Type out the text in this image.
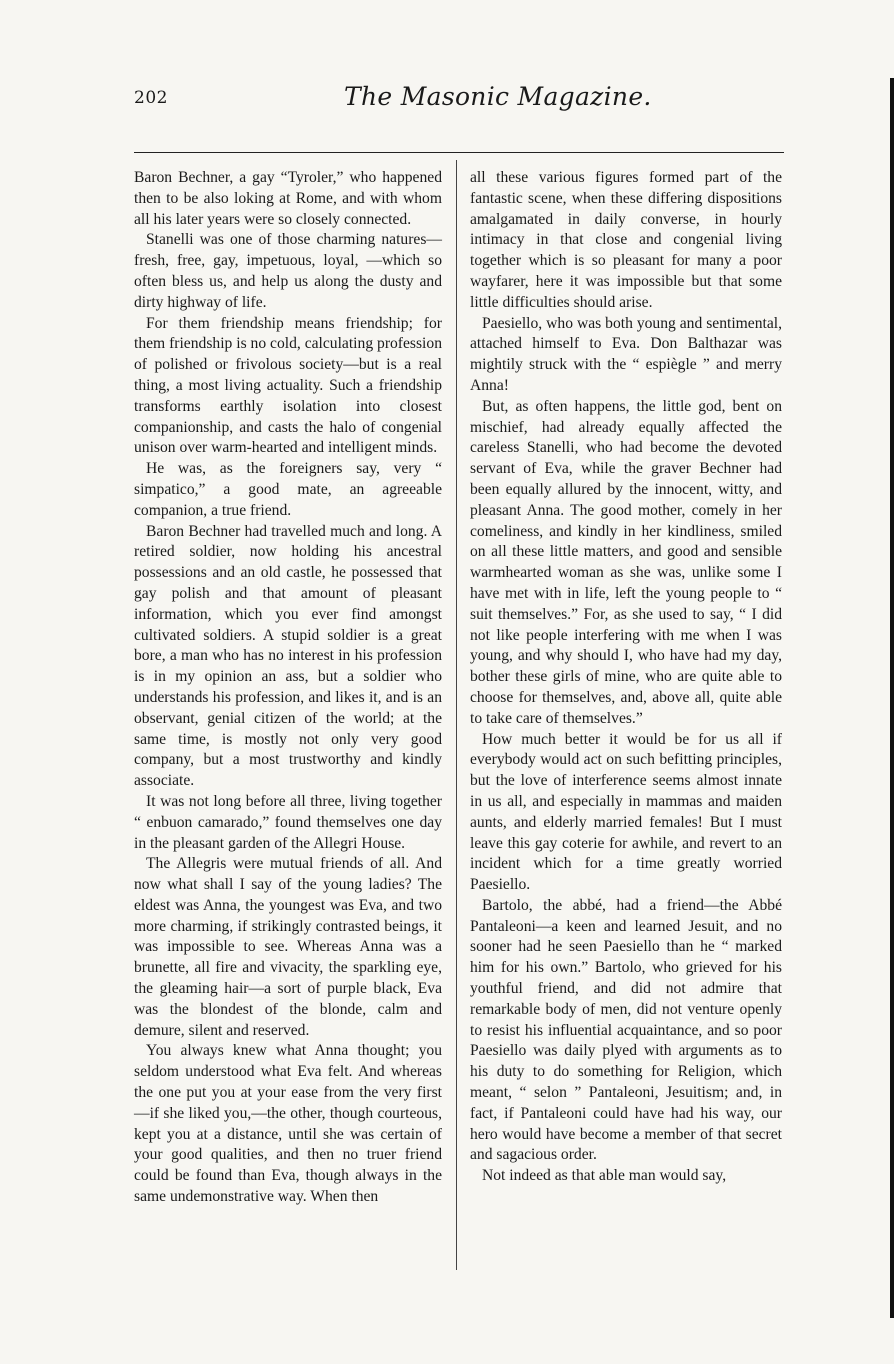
202	The Masonic Magazine.

Baron Bechner, a gay “Tyroler,” who happened then to be also loking at Rome, and with whom all his later years were so closely connected.

Stanelli was one of those charming natures—fresh, free, gay, impetuous, loyal, —which so often bless us, and help us along the dusty and dirty highway of life.

For them friendship means friendship; for them friendship is no cold, calculating profession of polished or frivolous society—but is a real thing, a most living actuality. Such a friendship transforms earthly isolation into closest companionship, and casts the halo of congenial unison over warm-hearted and intelligent minds.

He was, as the foreigners say, very “ simpatico,” a good mate, an agreeable companion, a true friend.

Baron Bechner had travelled much and long. A retired soldier, now holding his ancestral possessions and an old castle, he possessed that gay polish and that amount of pleasant information, which you ever find amongst cultivated soldiers. A stupid soldier is a great bore, a man who has no interest in his profession is in my opinion an ass, but a soldier who understands his profession, and likes it, and is an observant, genial citizen of the world; at the same time, is mostly not only very good company, but a most trustworthy and kindly associate.

It was not long before all three, living together “ enbuon camarado,” found themselves one day in the pleasant garden of the Allegri House.

The Allegris were mutual friends of all. And now what shall I say of the young ladies? The eldest was Anna, the youngest was Eva, and two more charming, if strikingly contrasted beings, it was impossible to see. Whereas Anna was a brunette, all fire and vivacity, the sparkling eye, the gleaming hair—a sort of purple black, Eva was the blondest of the blonde, calm and demure, silent and reserved.

You always knew what Anna thought; you seldom understood what Eva felt. And whereas the one put you at your ease from the very first—if she liked you,—the other, though courteous, kept you at a distance, until she was certain of your good qualities, and then no truer friend could be found than Eva, though always in the same undemonstrative way. When then

all these various figures formed part of the fantastic scene, when these differing dispositions amalgamated in daily converse, in hourly intimacy in that close and congenial living together which is so pleasant for many a poor wayfarer, here it was impossible but that some little difficulties should arise.

Paesiello, who was both young and sentimental, attached himself to Eva. Don Balthazar was mightily struck with the “ espiègle ” and merry Anna!

But, as often happens, the little god, bent on mischief, had already equally affected the careless Stanelli, who had become the devoted servant of Eva, while the graver Bechner had been equally allured by the innocent, witty, and pleasant Anna. The good mother, comely in her comeliness, and kindly in her kindliness, smiled on all these little matters, and good and sensible warmhearted woman as she was, unlike some I have met with in life, left the young people to “ suit themselves.” For, as she used to say, “ I did not like people interfering with me when I was young, and why should I, who have had my day, bother these girls of mine, who are quite able to choose for themselves, and, above all, quite able to take care of themselves.”

How much better it would be for us all if everybody would act on such befitting principles, but the love of interference seems almost innate in us all, and especially in mammas and maiden aunts, and elderly married females! But I must leave this gay coterie for awhile, and revert to an incident which for a time greatly worried Paesiello.

Bartolo, the abbé, had a friend—the Abbé Pantaleoni—a keen and learned Jesuit, and no sooner had he seen Paesiello than he “ marked him for his own.” Bartolo, who grieved for his youthful friend, and did not admire that remarkable body of men, did not venture openly to resist his influential acquaintance, and so poor Paesiello was daily plyed with arguments as to his duty to do something for Religion, which meant, “ selon ” Pantaleoni, Jesuitism; and, in fact, if Pantaleoni could have had his way, our hero would have become a member of that secret and sagacious order.

Not indeed as that able man would say,
